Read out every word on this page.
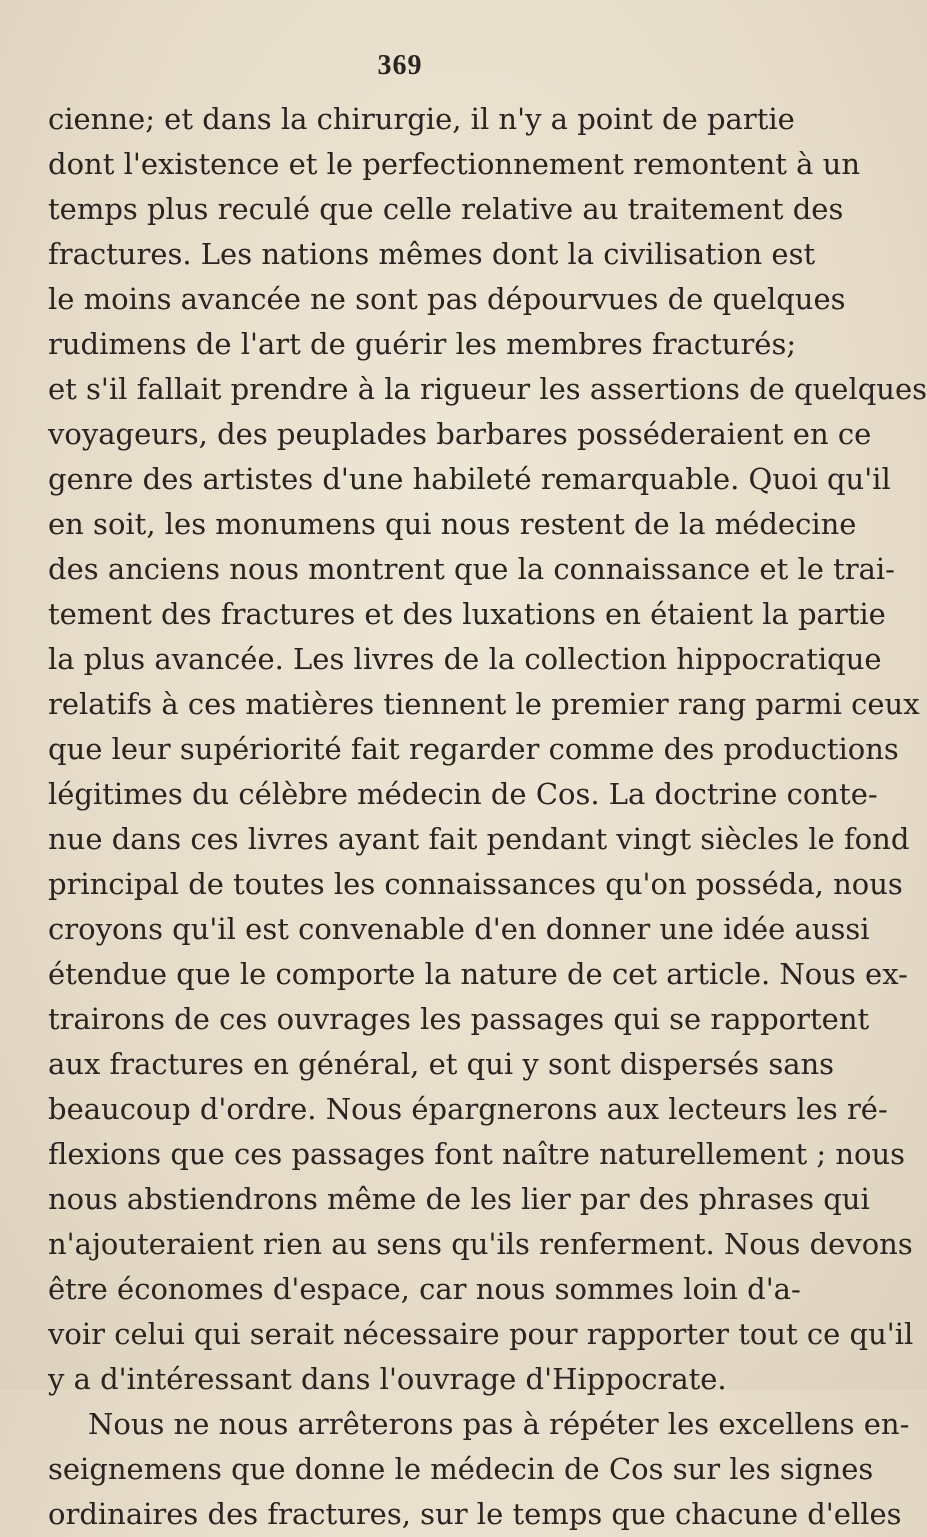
369
cienne; et dans la chirurgie, il n'y a point de partie
dont l'existence et le perfectionnement remontent à un
temps plus reculé que celle relative au traitement des
fractures. Les nations mêmes dont la civilisation est
le moins avancée ne sont pas dépourvues de quelques
rudimens de l'art de guérir les membres fracturés;
et s'il fallait prendre à la rigueur les assertions de quelques
voyageurs, des peuplades barbares posséderaient en ce
genre des artistes d'une habileté remarquable. Quoi qu'il
en soit, les monumens qui nous restent de la médecine
des anciens nous montrent que la connaissance et le trai-
tement des fractures et des luxations en étaient la partie
la plus avancée. Les livres de la collection hippocratique
relatifs à ces matières tiennent le premier rang parmi ceux
que leur supériorité fait regarder comme des productions
légitimes du célèbre médecin de Cos. La doctrine conte-
nue dans ces livres ayant fait pendant vingt siècles le fond
principal de toutes les connaissances qu'on posséda, nous
croyons qu'il est convenable d'en donner une idée aussi
étendue que le comporte la nature de cet article. Nous ex-
trairons de ces ouvrages les passages qui se rapportent
aux fractures en général, et qui y sont dispersés sans
beaucoup d'ordre. Nous épargnerons aux lecteurs les ré-
flexions que ces passages font naître naturellement ; nous
nous abstiendrons même de les lier par des phrases qui
n'ajouteraient rien au sens qu'ils renferment. Nous devons
être économes d'espace, car nous sommes loin d'a-
voir celui qui serait nécessaire pour rapporter tout ce qu'il
y a d'intéressant dans l'ouvrage d'Hippocrate.
Nous ne nous arrêterons pas à répéter les excellens en-
seignemens que donne le médecin de Cos sur les signes
ordinaires des fractures, sur le temps que chacune d'elles
